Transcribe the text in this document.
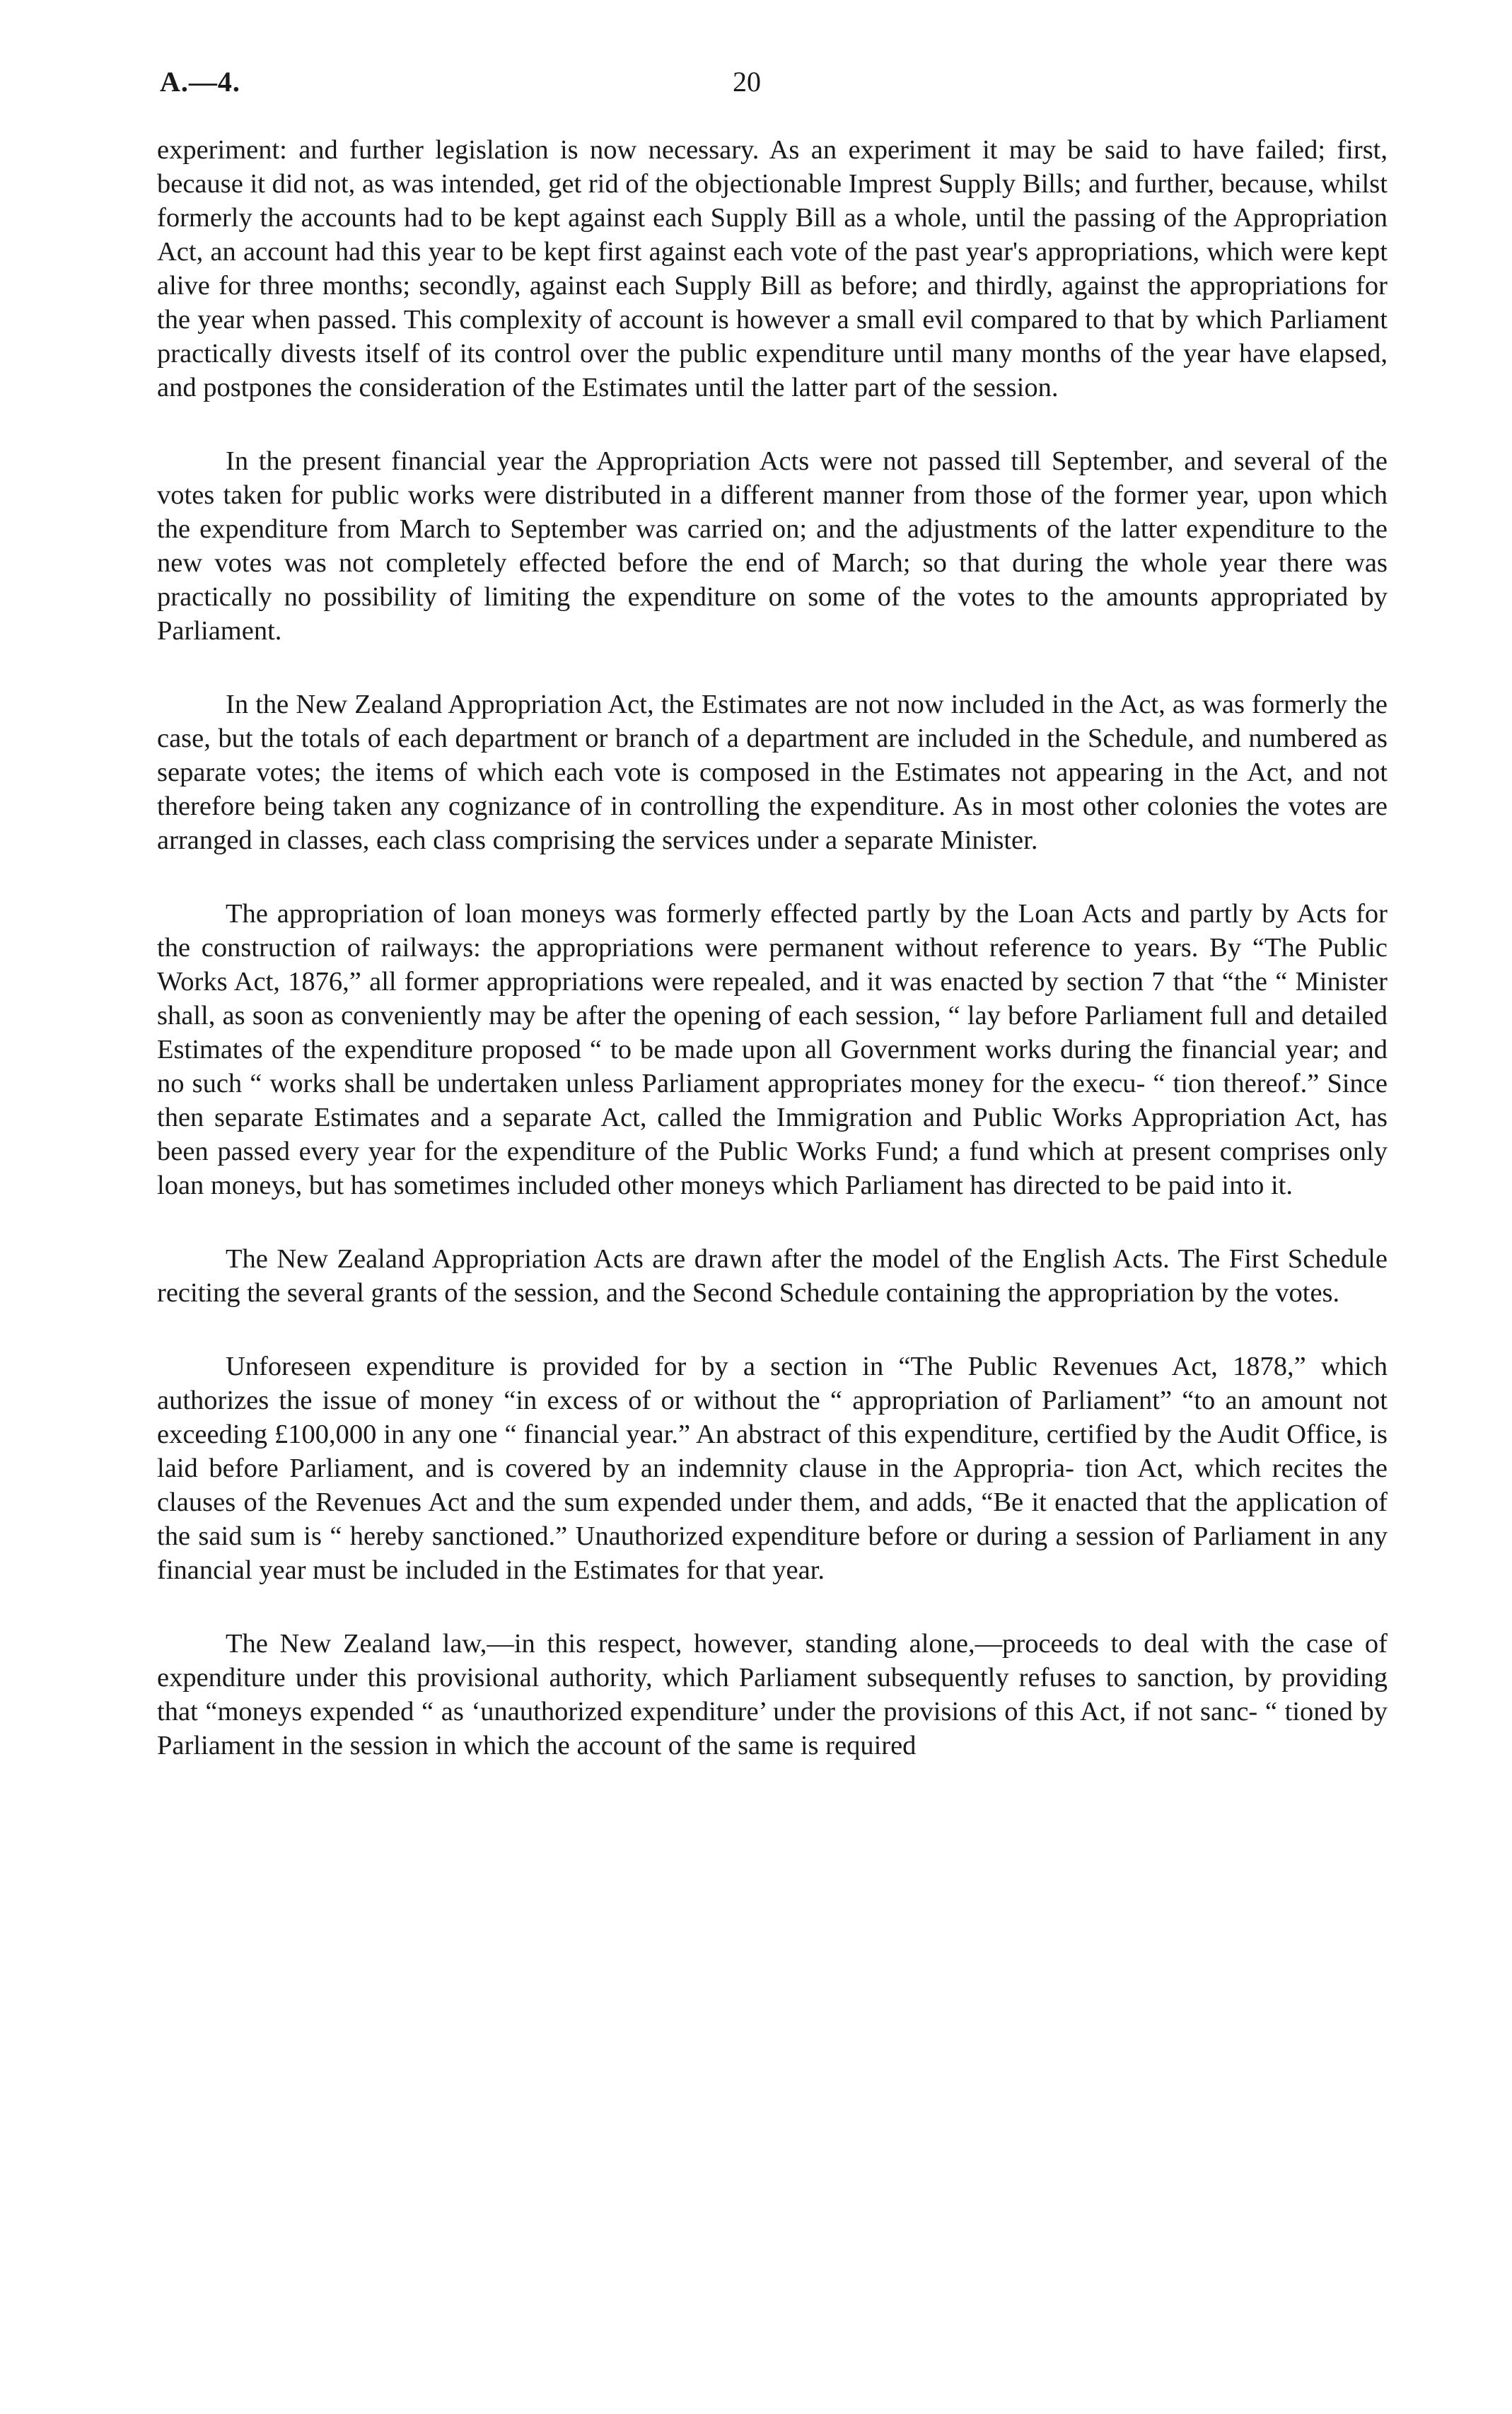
A.—4.	20

experiment: and further legislation is now necessary. As an experiment it may be said to have failed; first, because it did not, as was intended, get rid of the objectionable Imprest Supply Bills; and further, because, whilst formerly the accounts had to be kept against each Supply Bill as a whole, until the passing of the Appropriation Act, an account had this year to be kept first against each vote of the past year's appropriations, which were kept alive for three months; secondly, against each Supply Bill as before; and thirdly, against the appropriations for the year when passed. This complexity of account is however a small evil compared to that by which Parliament practically divests itself of its control over the public expenditure until many months of the year have elapsed, and postpones the consideration of the Estimates until the latter part of the session.

In the present financial year the Appropriation Acts were not passed till September, and several of the votes taken for public works were distributed in a different manner from those of the former year, upon which the expenditure from March to September was carried on; and the adjustments of the latter expenditure to the new votes was not completely effected before the end of March; so that during the whole year there was practically no possibility of limiting the expenditure on some of the votes to the amounts appropriated by Parliament.

In the New Zealand Appropriation Act, the Estimates are not now included in the Act, as was formerly the case, but the totals of each department or branch of a department are included in the Schedule, and numbered as separate votes; the items of which each vote is composed in the Estimates not appearing in the Act, and not therefore being taken any cognizance of in controlling the expenditure. As in most other colonies the votes are arranged in classes, each class comprising the services under a separate Minister.

The appropriation of loan moneys was formerly effected partly by the Loan Acts and partly by Acts for the construction of railways: the appropriations were permanent without reference to years. By “The Public Works Act, 1876,” all former appropriations were repealed, and it was enacted by section 7 that “the “ Minister shall, as soon as conveniently may be after the opening of each session, “ lay before Parliament full and detailed Estimates of the expenditure proposed “ to be made upon all Government works during the financial year; and no such “ works shall be undertaken unless Parliament appropriates money for the execu- “ tion thereof.” Since then separate Estimates and a separate Act, called the Immigration and Public Works Appropriation Act, has been passed every year for the expenditure of the Public Works Fund; a fund which at present comprises only loan moneys, but has sometimes included other moneys which Parliament has directed to be paid into it.

The New Zealand Appropriation Acts are drawn after the model of the English Acts. The First Schedule reciting the several grants of the session, and the Second Schedule containing the appropriation by the votes.

Unforeseen expenditure is provided for by a section in “The Public Revenues Act, 1878,” which authorizes the issue of money “in excess of or without the “ appropriation of Parliament” “to an amount not exceeding £100,000 in any one “ financial year.” An abstract of this expenditure, certified by the Audit Office, is laid before Parliament, and is covered by an indemnity clause in the Appropria- tion Act, which recites the clauses of the Revenues Act and the sum expended under them, and adds, “Be it enacted that the application of the said sum is “ hereby sanctioned.” Unauthorized expenditure before or during a session of Parliament in any financial year must be included in the Estimates for that year.

The New Zealand law,—in this respect, however, standing alone,—proceeds to deal with the case of expenditure under this provisional authority, which Parliament subsequently refuses to sanction, by providing that “moneys expended “ as ‘unauthorized expenditure’ under the provisions of this Act, if not sanc- “ tioned by Parliament in the session in which the account of the same is required
